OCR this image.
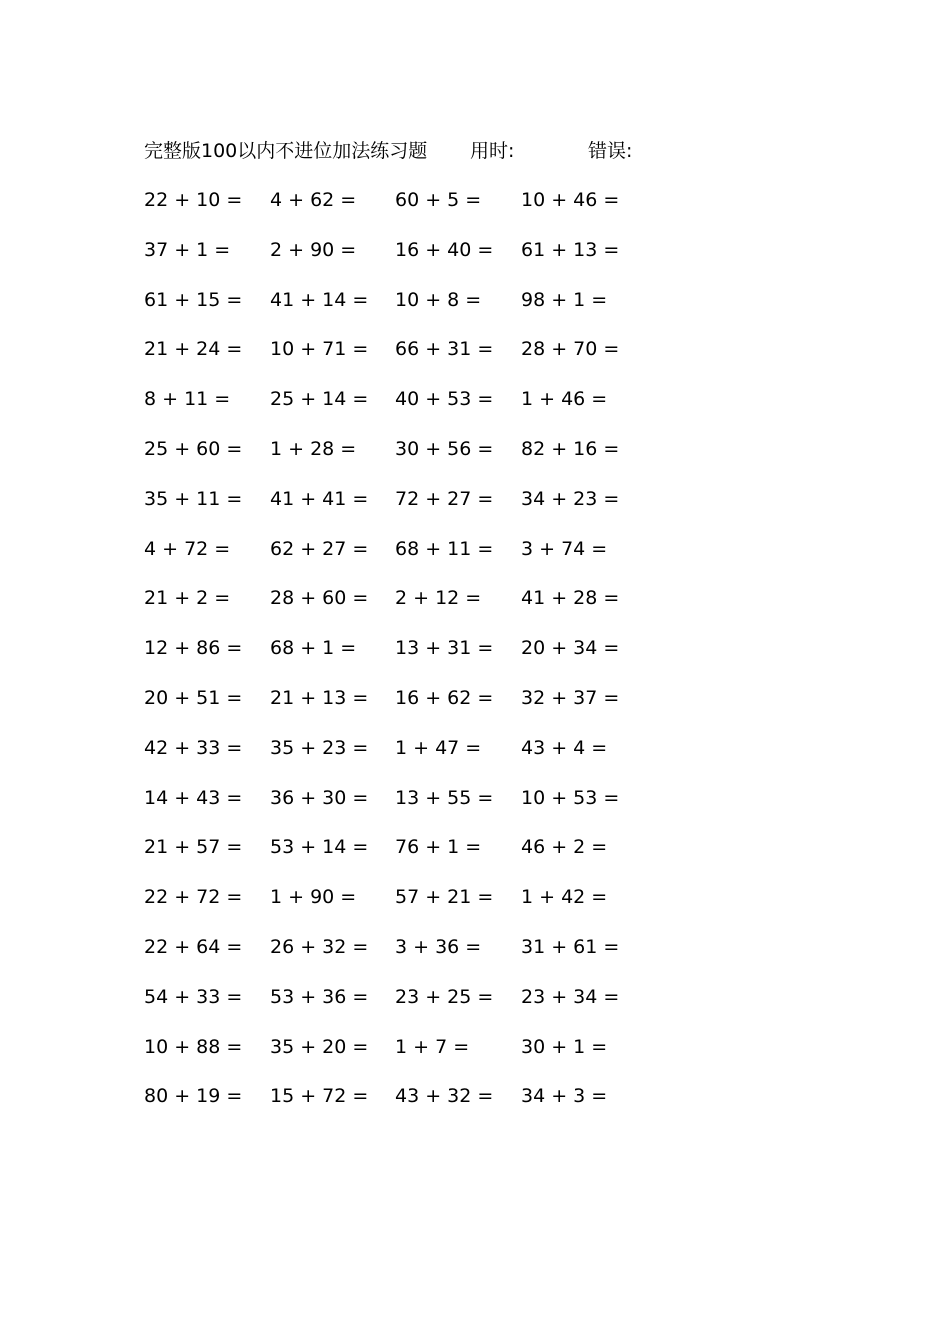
完整版100以内不进位加法练习题 用时:	错误:
22 + 10 = 4 + 62 = 60 + 5 = 10 + 46 =
37 + 1 = 2 + 90 = 16 + 40 = 61 + 13 =
61 + 15 = 41 + 14 = 10 + 8 = 98 + 1 =
21 + 24 = 10 + 71 = 66 + 31 = 28 + 70 =
8 + 11 = 25 + 14 = 40 + 53 = 1 + 46 =
25 + 60 = 1 + 28 = 30 + 56 = 82 + 16 =
35 + 11 = 41 + 41 = 72 + 27 = 34 + 23 =
4 + 72 = 62 + 27 = 68 + 11 = 3 + 74 =
21 + 2 = 28 + 60 = 2 + 12 = 41 + 28 =
12 + 86 = 68 + 1 = 13 + 31 = 20 + 34 =
20 + 51 = 21 + 13 = 16 + 62 = 32 + 37 =
42 + 33 = 35 + 23 = 1 + 47 = 43 + 4 =
14 + 43 = 36 + 30 = 13 + 55 = 10 + 53 =
21 + 57 = 53 + 14 = 76 + 1 = 46 + 2 =
22 + 72 = 1 + 90 = 57 + 21 = 1 + 42 =
22 + 64 = 26 + 32 = 3 + 36 = 31 + 61 =
54 + 33 = 53 + 36 = 23 + 25 = 23 + 34 =
10 + 88 = 35 + 20 = 1 + 7 =	30 + 1 =
80 + 19 = 15 + 72 = 43 + 32 = 34 + 3 =
